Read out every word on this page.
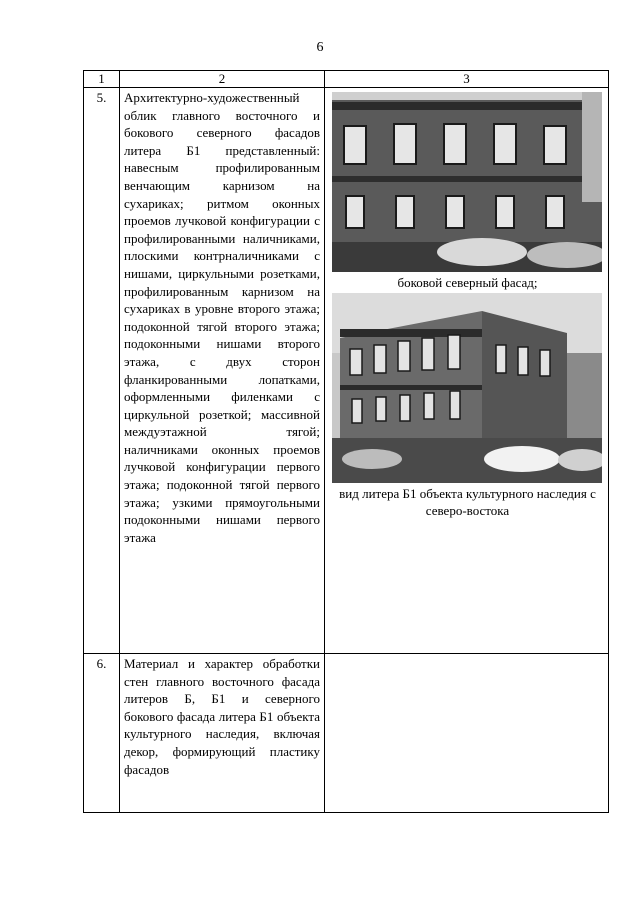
6
1	2	3

5.	Архитектурно-художественный облик главного восточного и бокового северного фасадов литера Б1 представленный: навесным профилированным венчающим карнизом на сухариках; ритмом оконных проемов лучковой конфигурации с профилированными наличниками, плоскими контрналичниками с нишами, циркульными розетками, профилированным карнизом на сухариках в уровне второго этажа; подоконной тягой второго этажа; подоконными нишами второго этажа, с двух сторон фланкированными лопатками, оформленными филенками с циркульной розеткой; массивной междуэтажной тягой; наличниками оконных проемов лучковой конфигурации первого этажа; подоконной тягой первого этажа; узкими прямоугольными подоконными нишами первого этажа	боковой северный фасад;
вид литера Б1 объекта культурного наследия с северо-востока

6.	Материал и характер обработки стен главного восточного фасада литеров Б, Б1 и северного бокового фасада литера Б1 объекта культурного наследия, включая декор, формирующий пластику фасадов	
